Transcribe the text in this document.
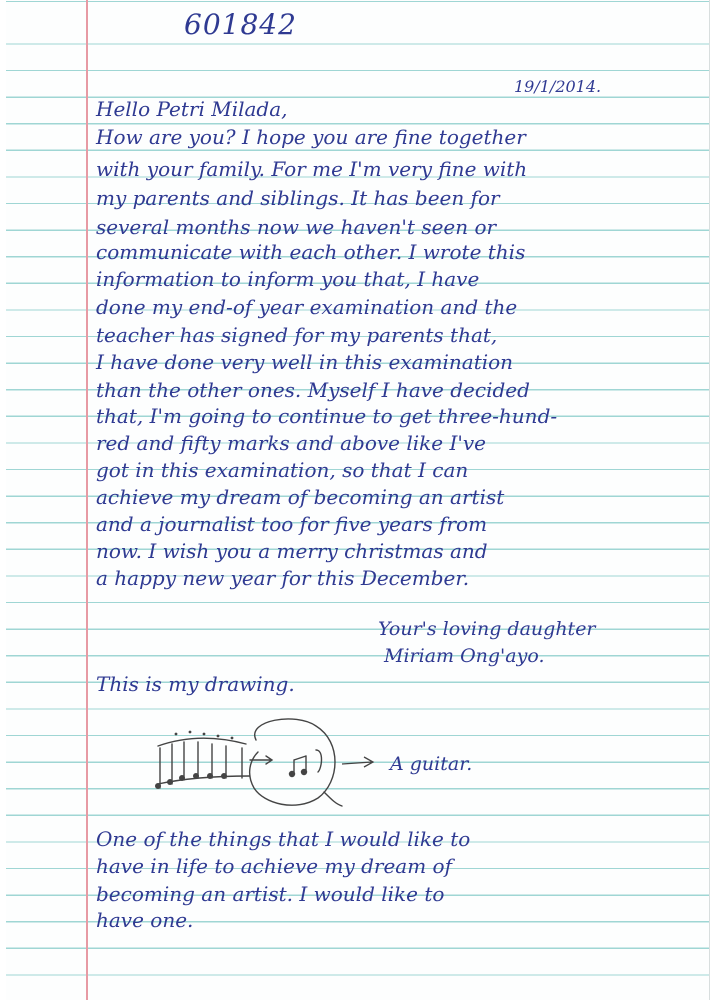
601842
19/1/2014.
Hello Petri Milada,
How are you? I hope you are fine together
with your family. For me I'm very fine with
my parents and siblings. It has been for
several months now we haven't seen or
communicate with each other. I wrote this
information to inform you that, I have
done my end-of year examination and the
teacher has signed for my parents that,
I have done very well in this examination
than the other ones. Myself I have decided
that, I'm going to continue to get three-hund-
red and fifty marks and above like I've
got in this examination, so that I can
achieve my dream of becoming an artist
and a journalist too for five years from
now. I wish you a merry christmas and
a happy new year for this December.
Your's loving daughter
Miriam Ong'ayo.
This is my drawing.
A guitar.
One of the things that I would like to
have in life to achieve my dream of
becoming an artist. I would like to
have one.
